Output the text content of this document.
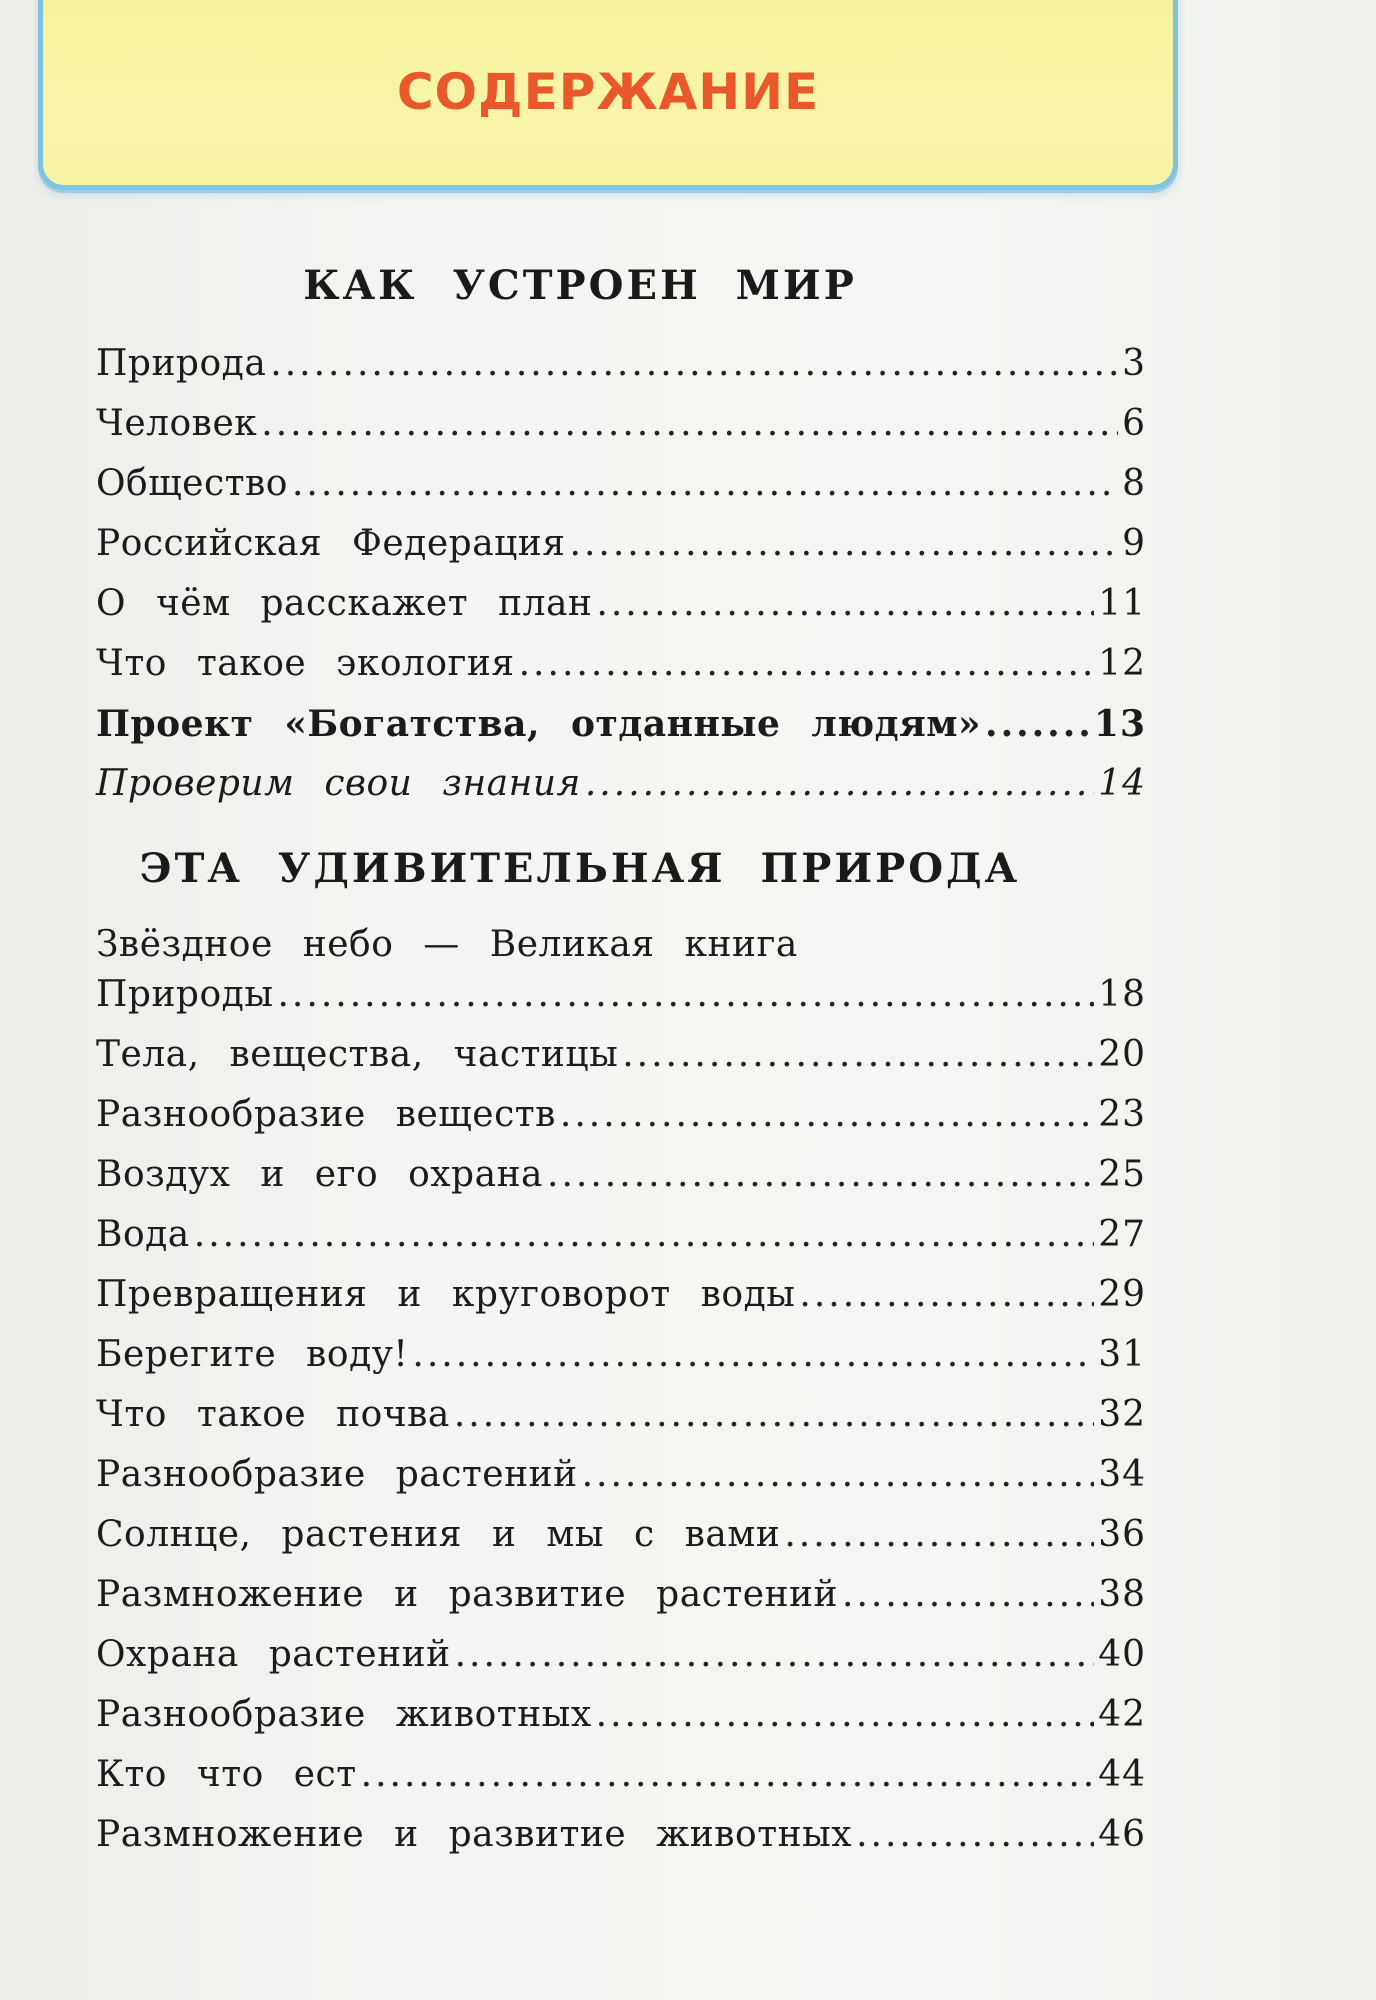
СОДЕРЖАНИЕ
КАК УСТРОЕН МИР
Природа .....	3
Человек .....	6
Общество .....	8
Российская Федерация .....	9
О чём расскажет план .....	11
Что такое экология .....	12
Проект «Богатства, отданные людям» .....	13
Проверим свои знания .....	14
ЭТА УДИВИТЕЛЬНАЯ ПРИРОДА
Звёздное небо — Великая книга
Природы .....	18
Тела, вещества, частицы .....	20
Разнообразие веществ .....	23
Воздух и его охрана .....	25
Вода .....	27
Превращения и круговорот воды .....	29
Берегите воду! .....	31
Что такое почва .....	32
Разнообразие растений .....	34
Солнце, растения и мы с вами .....	36
Размножение и развитие растений .....	38
Охрана растений .....	40
Разнообразие животных .....	42
Кто что ест .....	44
Размножение и развитие животных .....	46
